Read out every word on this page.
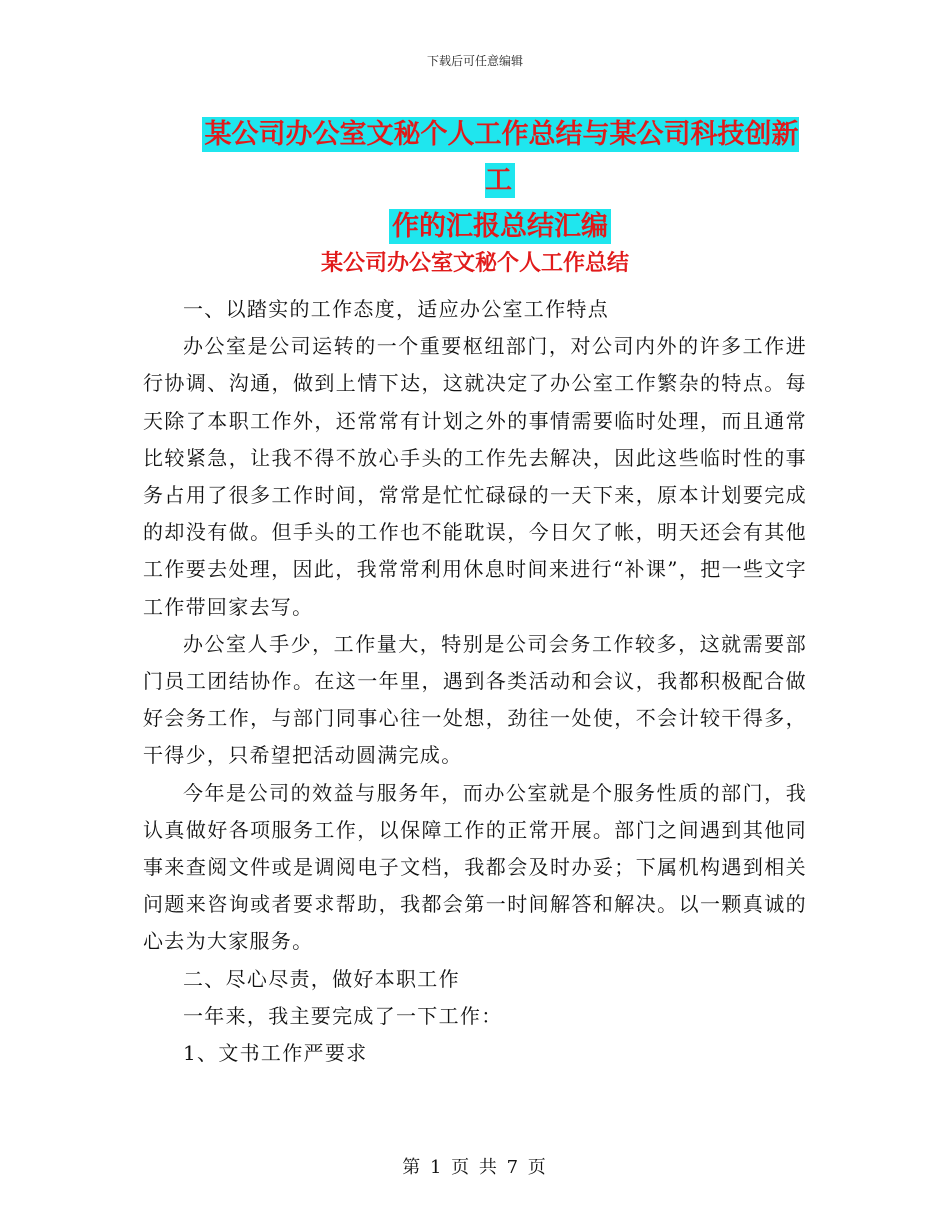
下载后可任意编辑
某公司办公室文秘个人工作总结与某公司科技创新工
作的汇报总结汇编
某公司办公室文秘个人工作总结

一、以踏实的工作态度，适应办公室工作特点

办公室是公司运转的一个重要枢纽部门，对公司内外的许多工作进行协调、沟通，做到上情下达，这就决定了办公室工作繁杂的特点。每天除了本职工作外，还常常有计划之外的事情需要临时处理，而且通常比较紧急，让我不得不放心手头的工作先去解决，因此这些临时性的事务占用了很多工作时间，常常是忙忙碌碌的一天下来，原本计划要完成的却没有做。但手头的工作也不能耽误，今日欠了帐，明天还会有其他工作要去处理，因此，我常常利用休息时间来进行“补课”，把一些文字工作带回家去写。

办公室人手少，工作量大，特别是公司会务工作较多，这就需要部门员工团结协作。在这一年里，遇到各类活动和会议，我都积极配合做好会务工作，与部门同事心往一处想，劲往一处使，不会计较干得多，干得少，只希望把活动圆满完成。

今年是公司的效益与服务年，而办公室就是个服务性质的部门，我认真做好各项服务工作，以保障工作的正常开展。部门之间遇到其他同事来查阅文件或是调阅电子文档，我都会及时办妥；下属机构遇到相关问题来咨询或者要求帮助，我都会第一时间解答和解决。以一颗真诚的心去为大家服务。

二、尽心尽责，做好本职工作

一年来，我主要完成了一下工作：

1、文书工作严要求

第 1 页 共 7 页
